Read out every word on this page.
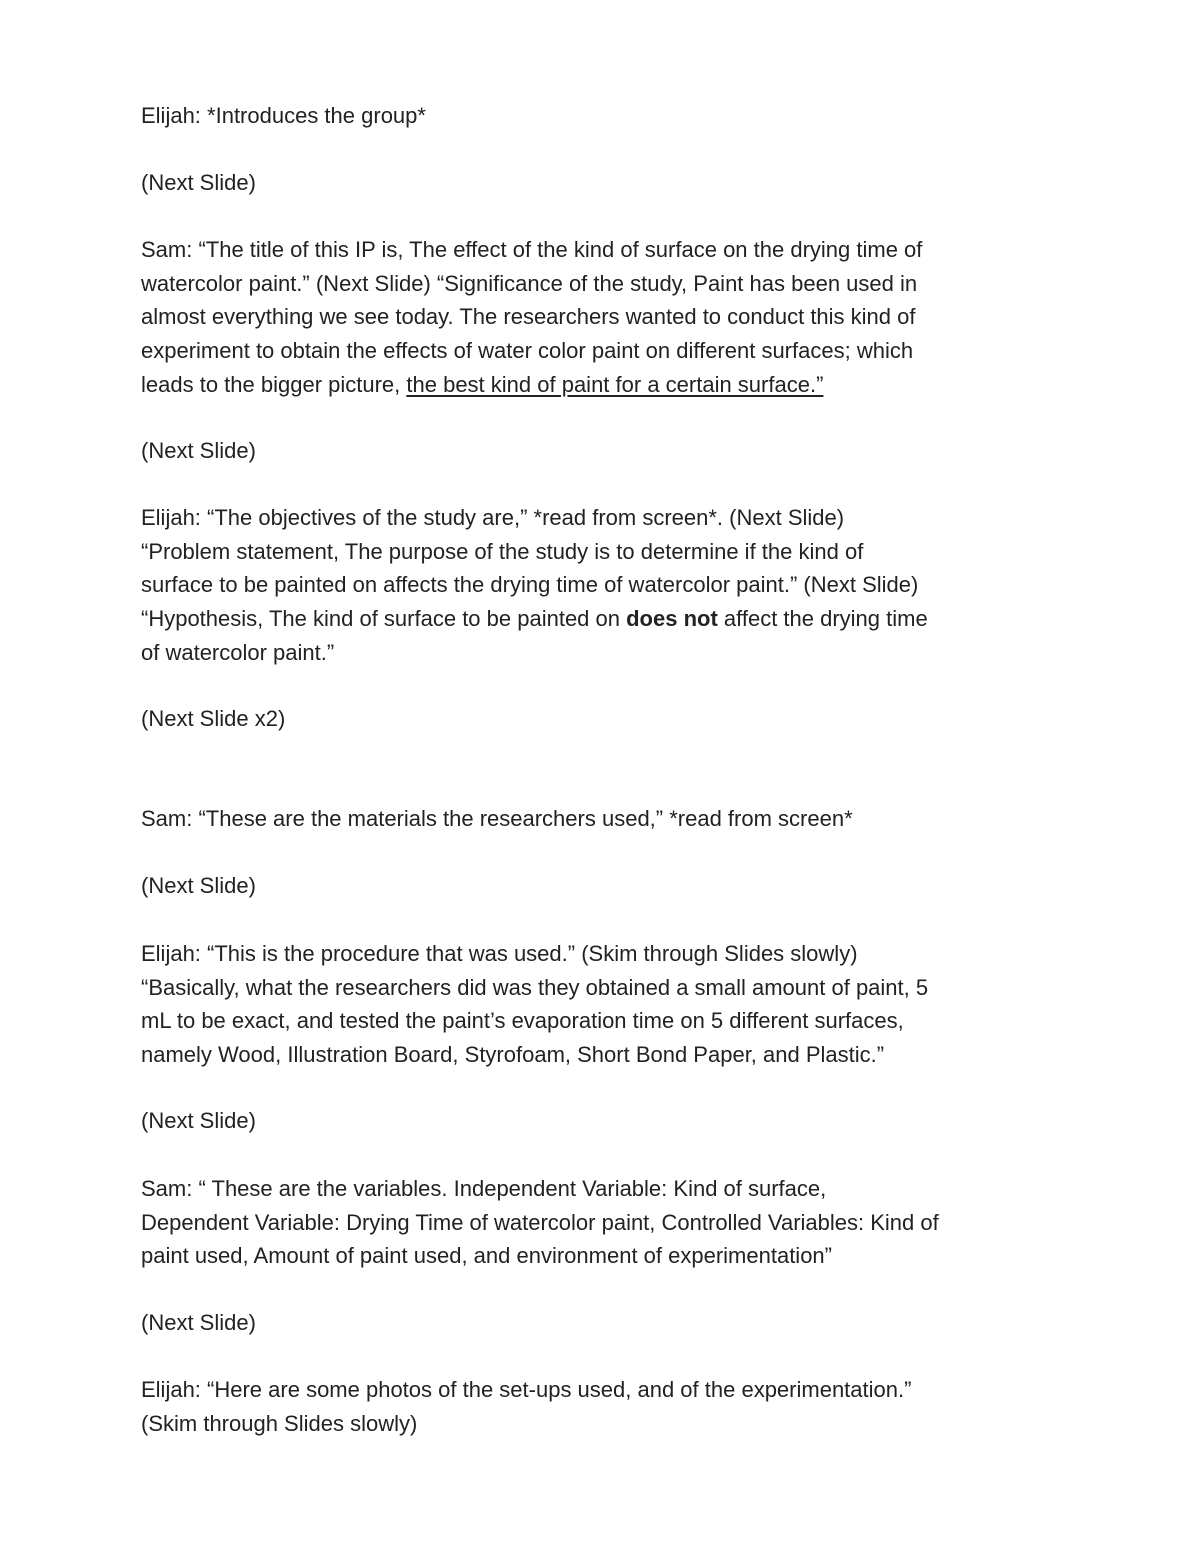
Elijah: *Introduces the group*

(Next Slide)

Sam: “The title of this IP is, The effect of the kind of surface on the drying time of
watercolor paint.” (Next Slide) “Significance of the study, Paint has been used in
almost everything we see today. The researchers wanted to conduct this kind of
experiment to obtain the effects of water color paint on different surfaces; which
leads to the bigger picture, the best kind of paint for a certain surface.”

(Next Slide)

Elijah: “The objectives of the study are,” *read from screen*. (Next Slide)
“Problem statement, The purpose of the study is to determine if the kind of
surface to be painted on affects the drying time of watercolor paint.” (Next Slide)
“Hypothesis, The kind of surface to be painted on does not affect the drying time
of watercolor paint.”

(Next Slide x2)

Sam: “These are the materials the researchers used,” *read from screen*

(Next Slide)

Elijah: “This is the procedure that was used.” (Skim through Slides slowly)
“Basically, what the researchers did was they obtained a small amount of paint, 5
mL to be exact, and tested the paint’s evaporation time on 5 different surfaces,
namely Wood, Illustration Board, Styrofoam, Short Bond Paper, and Plastic.”

(Next Slide)

Sam: “ These are the variables. Independent Variable: Kind of surface,
Dependent Variable: Drying Time of watercolor paint, Controlled Variables: Kind of
paint used, Amount of paint used, and environment of experimentation”

(Next Slide)

Elijah: “Here are some photos of the set-ups used, and of the experimentation.”
(Skim through Slides slowly)
